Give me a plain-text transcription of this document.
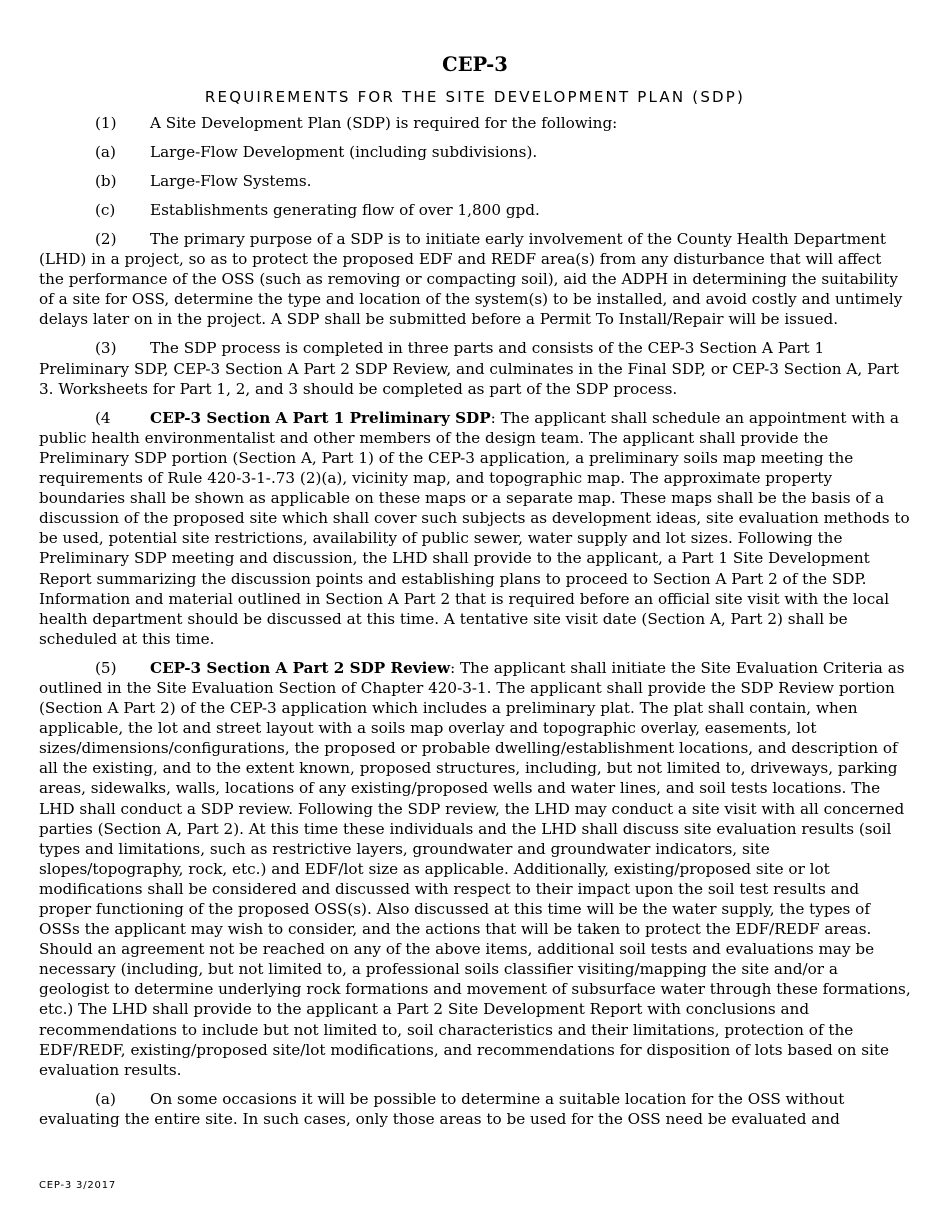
CEP-3
REQUIREMENTS FOR THE SITE DEVELOPMENT PLAN (SDP)
(1)	A Site Development Plan (SDP) is required for the following:
(a)	Large-Flow Development (including subdivisions).
(b)	Large-Flow Systems.
(c)	Establishments generating flow of over 1,800 gpd.

(2) The primary purpose of a SDP is to initiate early involvement of the County Health Department (LHD) in a project, so as to protect the proposed EDF and REDF area(s) from any disturbance that will affect the performance of the OSS (such as removing or compacting soil), aid the ADPH in determining the suitability of a site for OSS, determine the type and location of the system(s) to be installed, and avoid costly and untimely delays later on in the project. A SDP shall be submitted before a Permit To Install/Repair will be issued.

(3) The SDP process is completed in three parts and consists of the CEP-3 Section A Part 1 Preliminary SDP, CEP-3 Section A Part 2 SDP Review, and culminates in the Final SDP, or CEP-3 Section A, Part 3. Worksheets for Part 1, 2, and 3 should be completed as part of the SDP process.

(4	CEP-3 Section A Part 1 Preliminary SDP: The applicant shall schedule an appointment with a public health environmentalist and other members of the design team. The applicant shall provide the Preliminary SDP portion (Section A, Part 1) of the CEP-3 application, a preliminary soils map meeting the requirements of Rule 420-3-1-.73 (2)(a), vicinity map, and topographic map. The approximate property boundaries shall be shown as applicable on these maps or a separate map. These maps shall be the basis of a discussion of the proposed site which shall cover such subjects as development ideas, site evaluation methods to be used, potential site restrictions, availability of public sewer, water supply and lot sizes. Following the Preliminary SDP meeting and discussion, the LHD shall provide to the applicant, a Part 1 Site Development Report summarizing the discussion points and establishing plans to proceed to Section A Part 2 of the SDP. Information and material outlined in Section A Part 2 that is required before an official site visit with the local health department should be discussed at this time. A tentative site visit date (Section A, Part 2) shall be scheduled at this time.

(5) CEP-3 Section A Part 2 SDP Review: The applicant shall initiate the Site Evaluation Criteria as outlined in the Site Evaluation Section of Chapter 420-3-1. The applicant shall provide the SDP Review portion (Section A Part 2) of the CEP-3 application which includes a preliminary plat. The plat shall contain, when applicable, the lot and street layout with a soils map overlay and topographic overlay, easements, lot sizes/dimensions/configurations, the proposed or probable dwelling/establishment locations, and description of all the existing, and to the extent known, proposed structures, including, but not limited to, driveways, parking areas, sidewalks, walls, locations of any existing/proposed wells and water lines, and soil tests locations. The LHD shall conduct a SDP review. Following the SDP review, the LHD may conduct a site visit with all concerned parties (Section A, Part 2). At this time these individuals and the LHD shall discuss site evaluation results (soil types and limitations, such as restrictive layers, groundwater and groundwater indicators, site slopes/topography, rock, etc.) and EDF/lot size as applicable. Additionally, existing/proposed site or lot modifications shall be considered and discussed with respect to their impact upon the soil test results and proper functioning of the proposed OSS(s). Also discussed at this time will be the water supply, the types of OSSs the applicant may wish to consider, and the actions that will be taken to protect the EDF/REDF areas. Should an agreement not be reached on any of the above items, additional soil tests and evaluations may be necessary (including, but not limited to, a professional soils classifier visiting/mapping the site and/or a geologist to determine underlying rock formations and movement of subsurface water through these formations, etc.) The LHD shall provide to the applicant a Part 2 Site Development Report with conclusions and recommendations to include but not limited to, soil characteristics and their limitations, protection of the EDF/REDF, existing/proposed site/lot modifications, and recommendations for disposition of lots based on site evaluation results.

(a) On some occasions it will be possible to determine a suitable location for the OSS without evaluating the entire site. In such cases, only those areas to be used for the OSS need be evaluated and

CEP-3 3/2017
